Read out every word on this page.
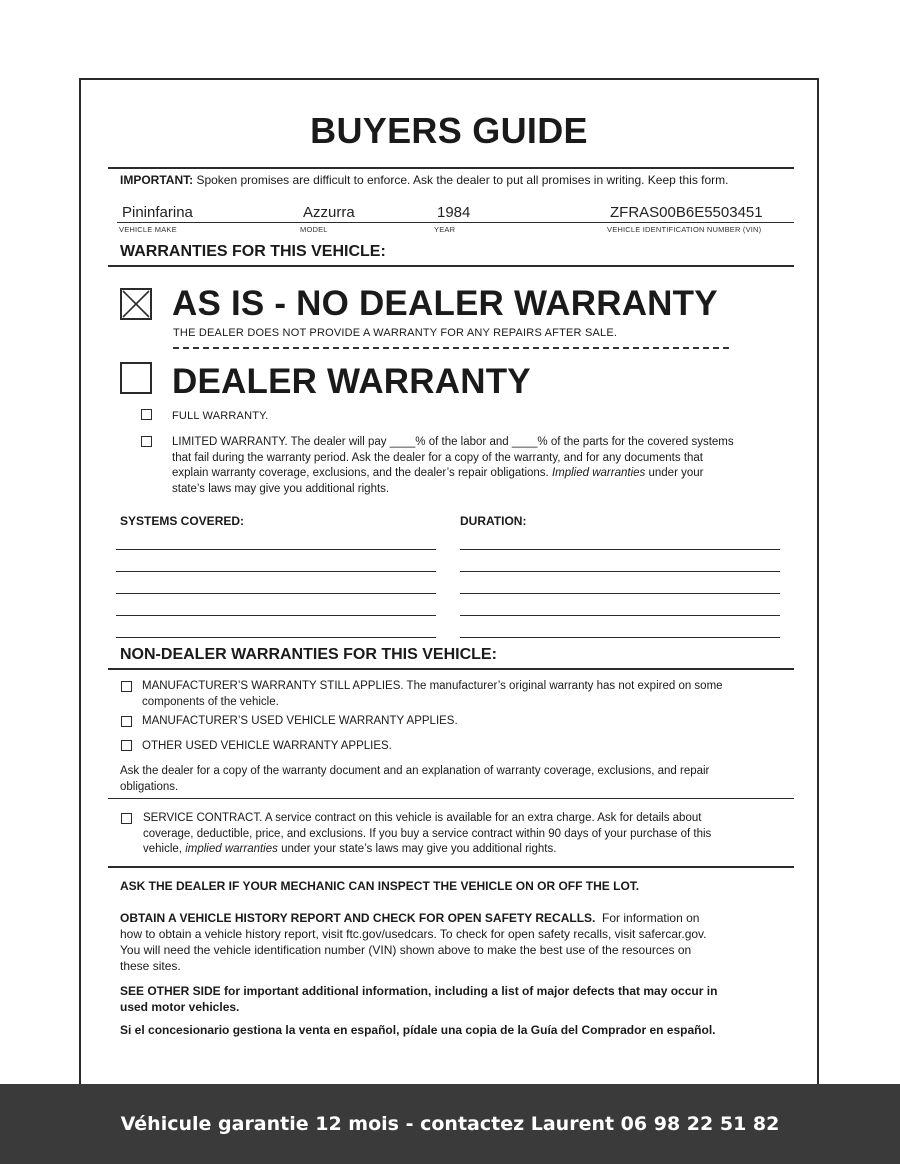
BUYERS GUIDE
IMPORTANT: Spoken promises are difficult to enforce. Ask the dealer to put all promises in writing. Keep this form.
Pininfarina	Azzurra	1984	ZFRAS00B6E5503451
VEHICLE MAKE	MODEL	YEAR	VEHICLE IDENTIFICATION NUMBER (VIN)
WARRANTIES FOR THIS VEHICLE:
AS IS - NO DEALER WARRANTY
THE DEALER DOES NOT PROVIDE A WARRANTY FOR ANY REPAIRS AFTER SALE.
DEALER WARRANTY
FULL WARRANTY.
LIMITED WARRANTY. The dealer will pay ____% of the labor and ____% of the parts for the covered systems
that fail during the warranty period. Ask the dealer for a copy of the warranty, and for any documents that
explain warranty coverage, exclusions, and the dealer’s repair obligations. Implied warranties under your
state’s laws may give you additional rights.
SYSTEMS COVERED:	DURATION:
NON-DEALER WARRANTIES FOR THIS VEHICLE:
MANUFACTURER’S WARRANTY STILL APPLIES. The manufacturer’s original warranty has not expired on some
components of the vehicle.
MANUFACTURER’S USED VEHICLE WARRANTY APPLIES.
OTHER USED VEHICLE WARRANTY APPLIES.
Ask the dealer for a copy of the warranty document and an explanation of warranty coverage, exclusions, and repair
obligations.
SERVICE CONTRACT. A service contract on this vehicle is available for an extra charge. Ask for details about
coverage, deductible, price, and exclusions. If you buy a service contract within 90 days of your purchase of this
vehicle, implied warranties under your state’s laws may give you additional rights.
ASK THE DEALER IF YOUR MECHANIC CAN INSPECT THE VEHICLE ON OR OFF THE LOT.
OBTAIN A VEHICLE HISTORY REPORT AND CHECK FOR OPEN SAFETY RECALLS. For information on
how to obtain a vehicle history report, visit ftc.gov/usedcars. To check for open safety recalls, visit safercar.gov.
You will need the vehicle identification number (VIN) shown above to make the best use of the resources on
these sites.
SEE OTHER SIDE for important additional information, including a list of major defects that may occur in
used motor vehicles.
Si el concesionario gestiona la venta en español, pídale una copia de la Guía del Comprador en español.
Véhicule garantie 12 mois - contactez Laurent 06 98 22 51 82
